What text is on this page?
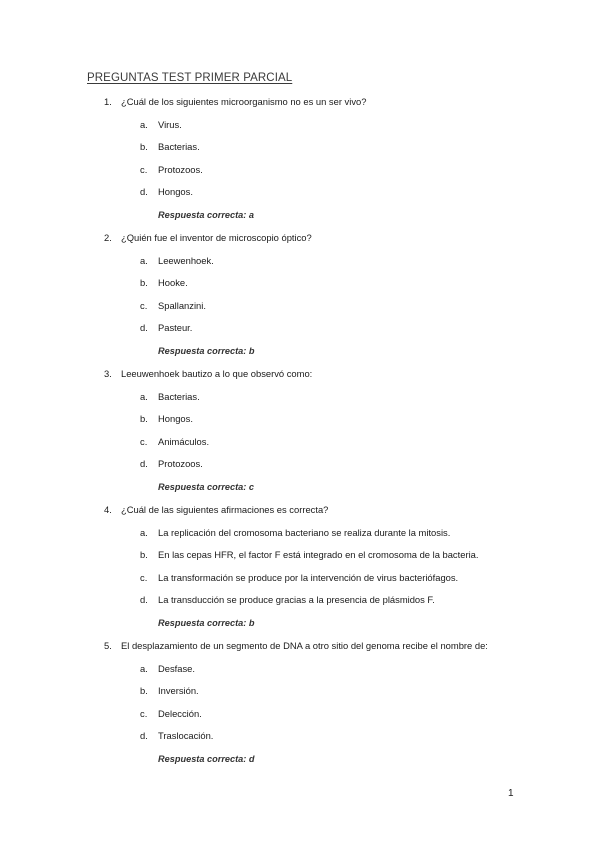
PREGUNTAS TEST PRIMER PARCIAL
1. ¿Cuál de los siguientes microorganismo no es un ser vivo?
a. Virus.
b. Bacterias.
c. Protozoos.
d. Hongos.
Respuesta correcta: a
2. ¿Quién fue el inventor de microscopio óptico?
a. Leewenhoek.
b. Hooke.
c. Spallanzini.
d. Pasteur.
Respuesta correcta: b
3. Leeuwenhoek bautizo a lo que observó como:
a. Bacterias.
b. Hongos.
c. Animáculos.
d. Protozoos.
Respuesta correcta: c
4. ¿Cuál de las siguientes afirmaciones es correcta?
a. La replicación del cromosoma bacteriano se realiza durante la mitosis.
b. En las cepas HFR, el factor F está integrado en el cromosoma de la bacteria.
c. La transformación se produce por la intervención de virus bacteriófagos.
d. La transducción se produce gracias a la presencia de plásmidos F.
Respuesta correcta: b
5. El desplazamiento de un segmento de DNA a otro sitio del genoma recibe el nombre de:
a. Desfase.
b. Inversión.
c. Delección.
d. Traslocación.
Respuesta correcta: d
1
